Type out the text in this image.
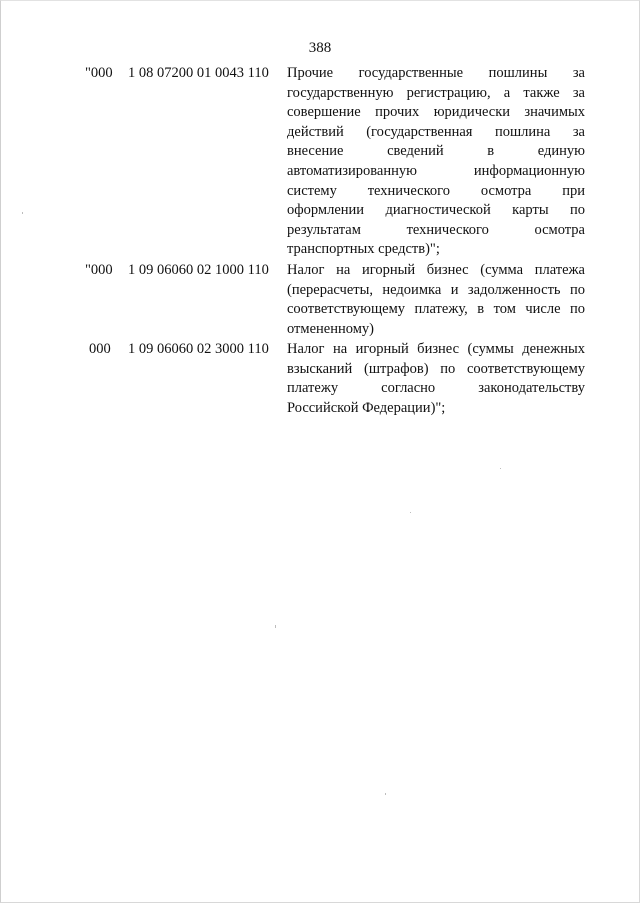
388
"000 1 08 07200 01 0043 110 Прочие государственные пошлины за
государственную регистрацию, а также за
совершение прочих юридически значимых
действий (государственная пошлина за
внесение сведений в единую
автоматизированную информационную
систему технического осмотра при
оформлении диагностической карты по
результатам технического осмотра
транспортных средств)";
"000 1 09 06060 02 1000 110 Налог на игорный бизнес (сумма платежа
(перерасчеты, недоимка и задолженность по
соответствующему платежу, в том числе по
отмененному)
000 1 09 06060 02 3000 110 Налог на игорный бизнес (суммы денежных
взысканий (штрафов) по соответствующему
платежу согласно законодательству
Российской Федерации)";
